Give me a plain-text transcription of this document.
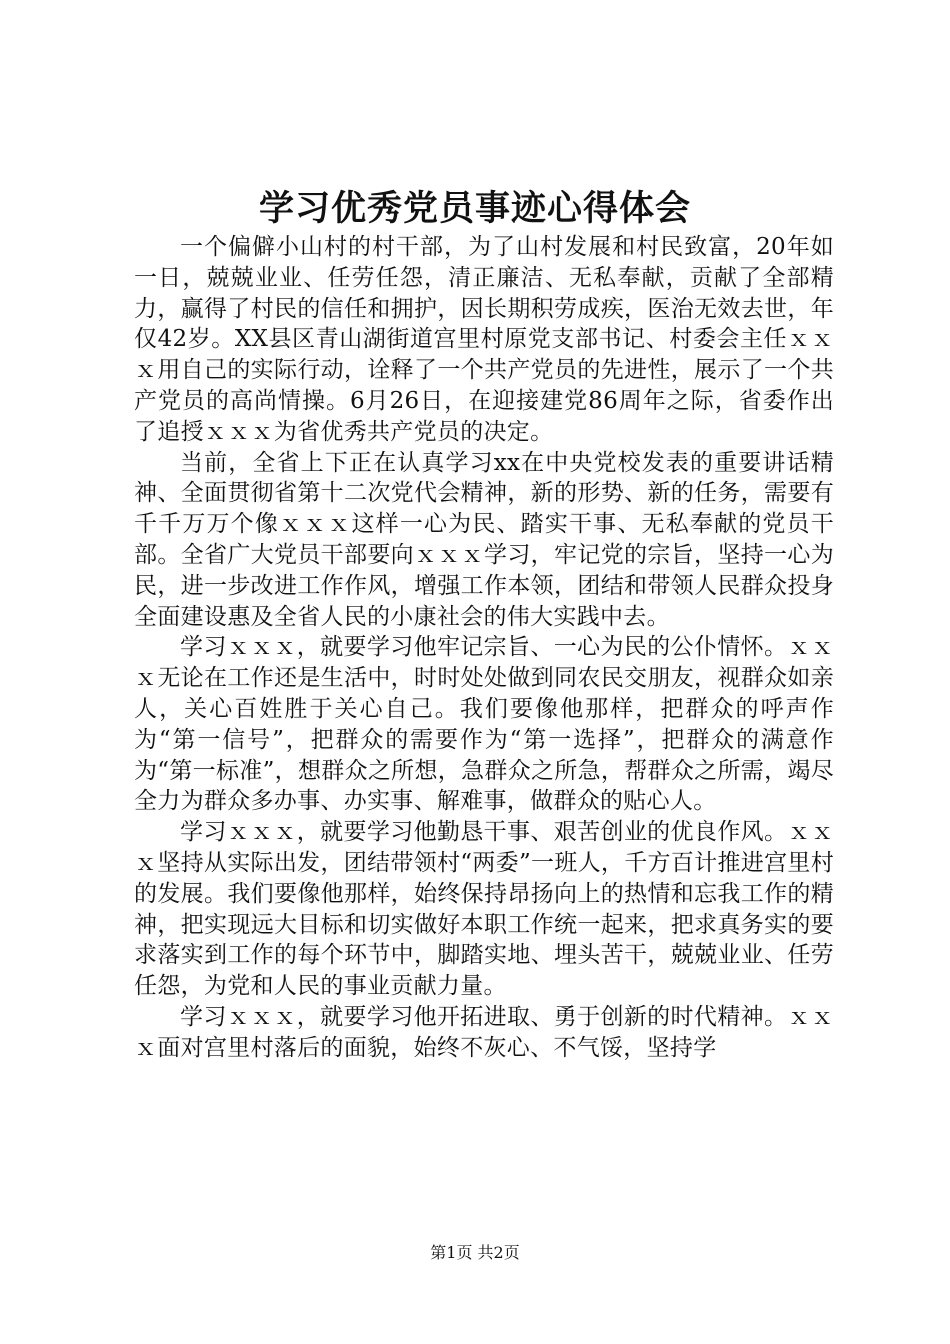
学习优秀党员事迹心得体会

一个偏僻小山村的村干部，为了山村发展和村民致富，20年如一日，兢兢业业、任劳任怨，清正廉洁、无私奉献，贡献了全部精力，赢得了村民的信任和拥护，因长期积劳成疾，医治无效去世，年仅42岁。XX县区青山湖街道宫里村原党支部书记、村委会主任ｘｘｘ用自己的实际行动，诠释了一个共产党员的先进性，展示了一个共产党员的高尚情操。6月26日，在迎接建党86周年之际，省委作出了追授ｘｘｘ为省优秀共产党员的决定。

当前，全省上下正在认真学习xx在中央党校发表的重要讲话精神、全面贯彻省第十二次党代会精神，新的形势、新的任务，需要有千千万万个像ｘｘｘ这样一心为民、踏实干事、无私奉献的党员干部。全省广大党员干部要向ｘｘｘ学习，牢记党的宗旨，坚持一心为民，进一步改进工作作风，增强工作本领，团结和带领人民群众投身全面建设惠及全省人民的小康社会的伟大实践中去。

学习ｘｘｘ，就要学习他牢记宗旨、一心为民的公仆情怀。ｘｘｘ无论在工作还是生活中，时时处处做到同农民交朋友，视群众如亲人，关心百姓胜于关心自己。我们要像他那样，把群众的呼声作为“第一信号”，把群众的需要作为“第一选择”，把群众的满意作为“第一标准”，想群众之所想，急群众之所急，帮群众之所需，竭尽全力为群众多办事、办实事、解难事，做群众的贴心人。

学习ｘｘｘ，就要学习他勤恳干事、艰苦创业的优良作风。ｘｘｘ坚持从实际出发，团结带领村“两委”一班人，千方百计推进宫里村的发展。我们要像他那样，始终保持昂扬向上的热情和忘我工作的精神，把实现远大目标和切实做好本职工作统一起来，把求真务实的要求落实到工作的每个环节中，脚踏实地、埋头苦干，兢兢业业、任劳任怨，为党和人民的事业贡献力量。

学习ｘｘｘ，就要学习他开拓进取、勇于创新的时代精神。ｘｘｘ面对宫里村落后的面貌，始终不灰心、不气馁，坚持学

第1页 共2页
